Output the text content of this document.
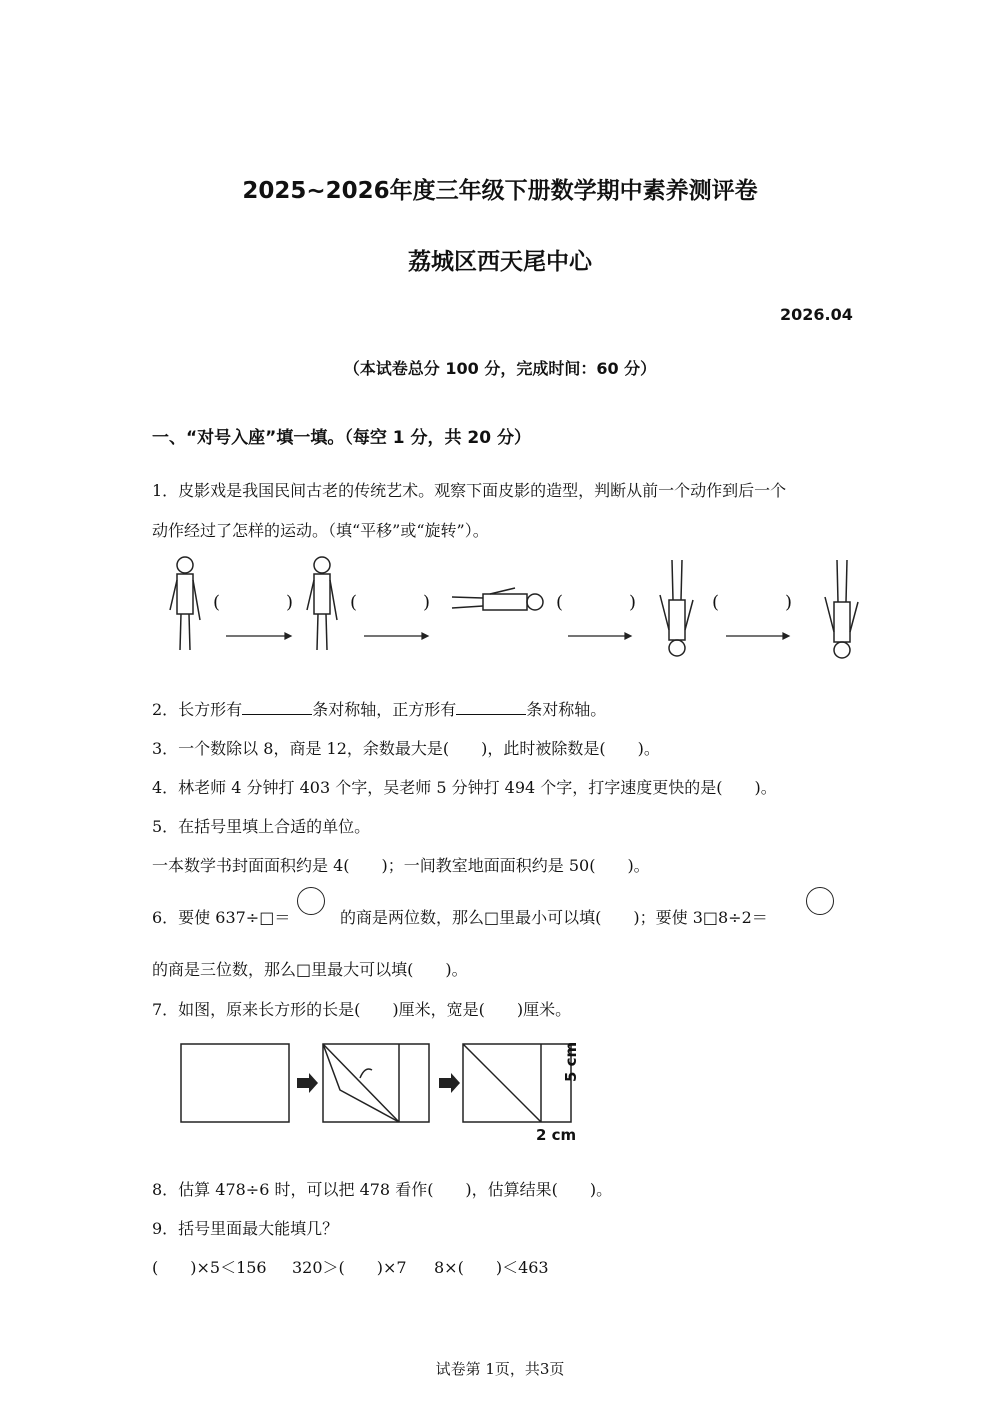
2025~2026年度三年级下册数学期中素养测评卷
荔城区西天尾中心
2026.04
（本试卷总分 100 分，完成时间：60 分）
一、“对号入座”填一填。（每空 1 分，共 20 分）
1．皮影戏是我国民间古老的传统艺术。观察下面皮影的造型，判断从前一个动作到后一个
动作经过了怎样的运动。（填“平移”或“旋转”）。
(	)	(	)	(	)	(	)
2．长方形有	条对称轴，正方形有	条对称轴。
3．一个数除以 8，商是 12，余数最大是(　　)，此时被除数是(　　)。
4．林老师 4 分钟打 403 个字，吴老师 5 分钟打 494 个字，打字速度更快的是(　　)。
5．在括号里填上合适的单位。
一本数学书封面面积约是 4(　　)；一间教室地面面积约是 50(　　)。
6．要使 637÷□＝	的商是两位数，那么□里最小可以填(　　)；要使 3□8÷2＝
的商是三位数，那么□里最大可以填(　　)。
7．如图，原来长方形的长是(　　)厘米，宽是(　　)厘米。
2 cm
5 cm
8．估算 478÷6 时，可以把 478 看作(　　)，估算结果(　　)。
9．括号里面最大能填几？
(　　)×5＜156 320＞(　　)×7 8×(　　)＜463
试卷第 1页，共3页
